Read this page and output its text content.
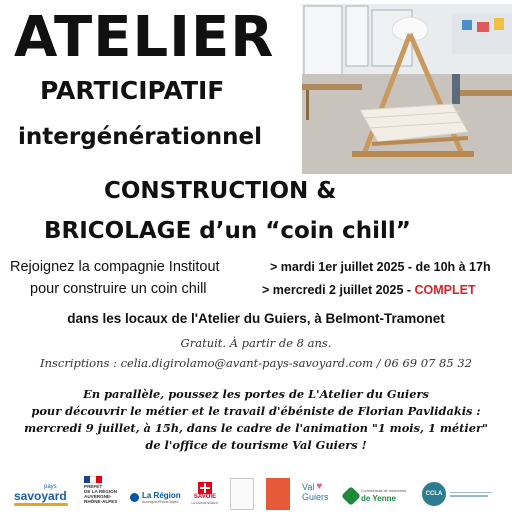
ATELIER
PARTICIPATIF
intergénérationnel
CONSTRUCTION &
BRICOLAGE d’un “coin chill”
Rejoignez la compagnie Institout
pour construire un coin chill
> mardi 1er juillet 2025 - de 10h à 17h
> mercredi 2 juillet 2025 - COMPLET
dans les locaux de l'Atelier du Guiers, à Belmont-Tramonet
Gratuit. À partir de 8 ans.
Inscriptions : celia.digirolamo@avant-pays-savoyard.com / 06 69 07 85 32
En parallèle, poussez les portes de L'Atelier du Guiers
pour découvrir le métier et le travail d'ébéniste de Florian Pavlidakis :
mercredi 9 juillet, à 15h, dans le cadre de l'animation "1 mois, 1 métier"
de l'office de tourisme Val Guiers !
pays
savoyard
PRÉFET
DE LA RÉGION
AUVERGNE-
RHÔNE-ALPES
La Région
Auvergne-Rhône-Alpes
SAVOIE
LE DÉPARTEMENT
Val ♥
Guiers
Communauté de communes
de Yenne	CCLA
